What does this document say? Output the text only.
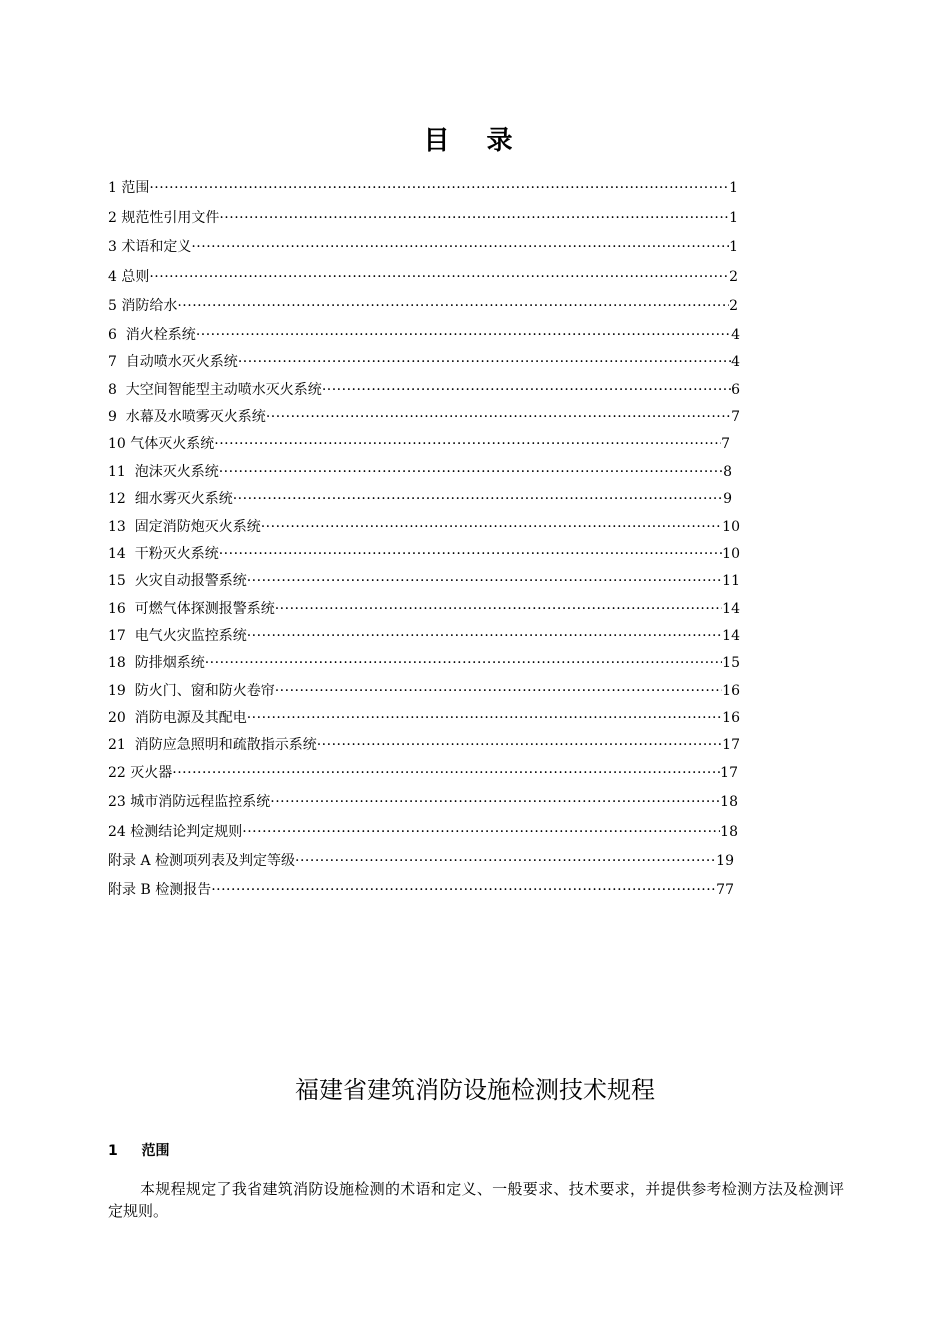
目 录
1 范围 ·····	1
2 规范性引用文件 ·····	1
3 术语和定义 ·····	1
4 总则 ·····	2
5 消防给水 ·····	2
6  消火栓系统 ·····	4
7  自动喷水灭火系统 ·····	4
8  大空间智能型主动喷水灭火系统 ·····	6
9  水幕及水喷雾灭火系统 ·····	7
10 气体灭火系统 ·····	7
11  泡沫灭火系统 ·····	8
12  细水雾灭火系统 ·····	9
13  固定消防炮灭火系统 ·····	10
14  干粉灭火系统 ·····	10
15  火灾自动报警系统 ·····	11
16  可燃气体探测报警系统 ·····	14
17  电气火灾监控系统 ·····	14
18  防排烟系统 ·····	15
19  防火门、窗和防火卷帘 ·····	16
20  消防电源及其配电 ·····	16
21  消防应急照明和疏散指示系统 ·····	17
22 灭火器 ·····	17
23 城市消防远程监控系统 ·····	18
24 检测结论判定规则 ·····	18
附录 A 检测项列表及判定等级 ·····	19
附录 B 检测报告 ·····	77
福建省建筑消防设施检测技术规程
1 范围
本规程规定了我省建筑消防设施检测的术语和定义、一般要求、技术要求，并提供参考检测方法及检测评定规则。
